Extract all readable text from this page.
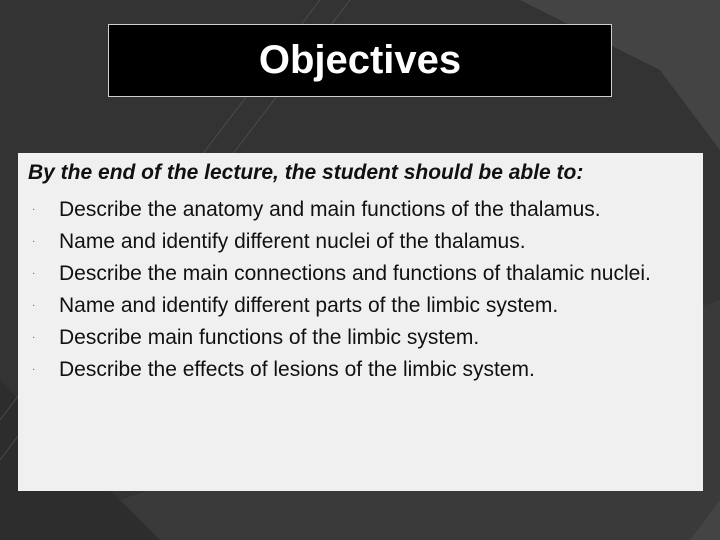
Objectives
By the end of the lecture, the student should be able to:
· Describe the anatomy and main functions of the thalamus.
· Name and identify different nuclei of the thalamus.
· Describe the main connections and functions of thalamic nuclei.
· Name and identify different parts of the limbic system.
· Describe main functions of the limbic system.
· Describe the effects of lesions of the limbic system.
